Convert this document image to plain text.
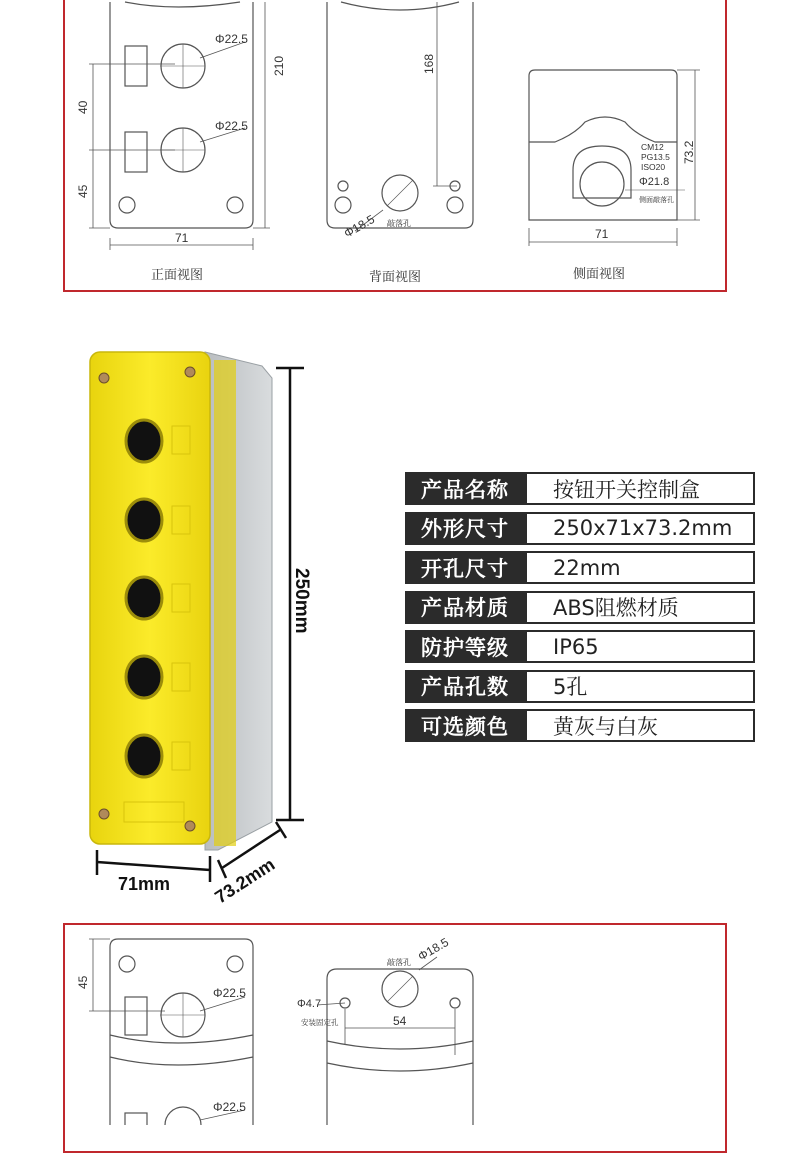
Φ22.5
Φ22.5
210
40
45
71
正面视图
168
Φ18.5 敲落孔
背面视图
CM12
PG13.5
ISO20
Φ21.8
侧面敲落孔
73.2
71
侧面视图
250mm
71mm 73.2mm
产品名称	按钮开关控制盒
外形尺寸	250x71x73.2mm
开孔尺寸	22mm
产品材质	ABS阻燃材质
防护等级	IP65
产品孔数	5孔
可选颜色	黄灰与白灰
45
Φ22.5
Φ22.5
敲落孔 Φ18.5
Φ4.7
安装固定孔	54
